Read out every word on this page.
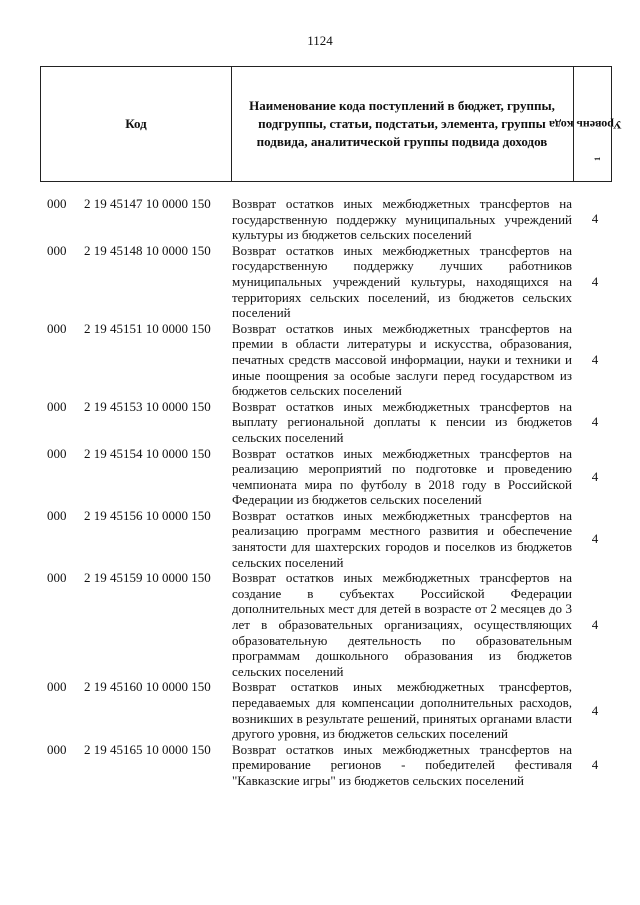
1124
Код
Наименование кода поступлений в бюджет, группы, подгруппы, статьи, подстатьи, элемента, группы подвида, аналитической группы подвида доходов
Уровень кода
$^1$
000 2 19 45147 10 0000 150 Возврат остатков иных межбюджетных трансфертов на государственную поддержку муниципальных учреждений культуры из бюджетов сельских поселений
4
000 2 19 45148 10 0000 150 Возврат остатков иных межбюджетных трансфертов на государственную поддержку лучших работников муниципальных учреждений культуры, находящихся на территориях сельских поселений, из бюджетов сельских поселений
4
000 2 19 45151 10 0000 150 Возврат остатков иных межбюджетных трансфертов на премии в области литературы и искусства, образования, печатных средств массовой информации, науки и техники и иные поощрения за особые заслуги перед государством из бюджетов сельских поселений
4
000 2 19 45153 10 0000 150 Возврат остатков иных межбюджетных трансфертов на выплату региональной доплаты к пенсии из бюджетов сельских поселений
4
000 2 19 45154 10 0000 150 Возврат остатков иных межбюджетных трансфертов на реализацию мероприятий по подготовке и проведению чемпионата мира по футболу в 2018 году в Российской Федерации из бюджетов сельских поселений
4
000 2 19 45156 10 0000 150 Возврат остатков иных межбюджетных трансфертов на реализацию программ местного развития и обеспечение занятости для шахтерских городов и поселков из бюджетов сельских поселений
4
000 2 19 45159 10 0000 150 Возврат остатков иных межбюджетных трансфертов на создание в субъектах Российской Федерации дополнительных мест для детей в возрасте от 2 месяцев до 3 лет в образовательных организациях, осуществляющих образовательную деятельность по образовательным программам дошкольного образования из бюджетов сельских поселений
4
000 2 19 45160 10 0000 150 Возврат остатков иных межбюджетных трансфертов, передаваемых для компенсации дополнительных расходов, возникших в результате решений, принятых органами власти другого уровня, из бюджетов сельских поселений
4
000 2 19 45165 10 0000 150 Возврат остатков иных межбюджетных трансфертов на премирование регионов - победителей фестиваля "Кавказские игры" из бюджетов сельских поселений
4
